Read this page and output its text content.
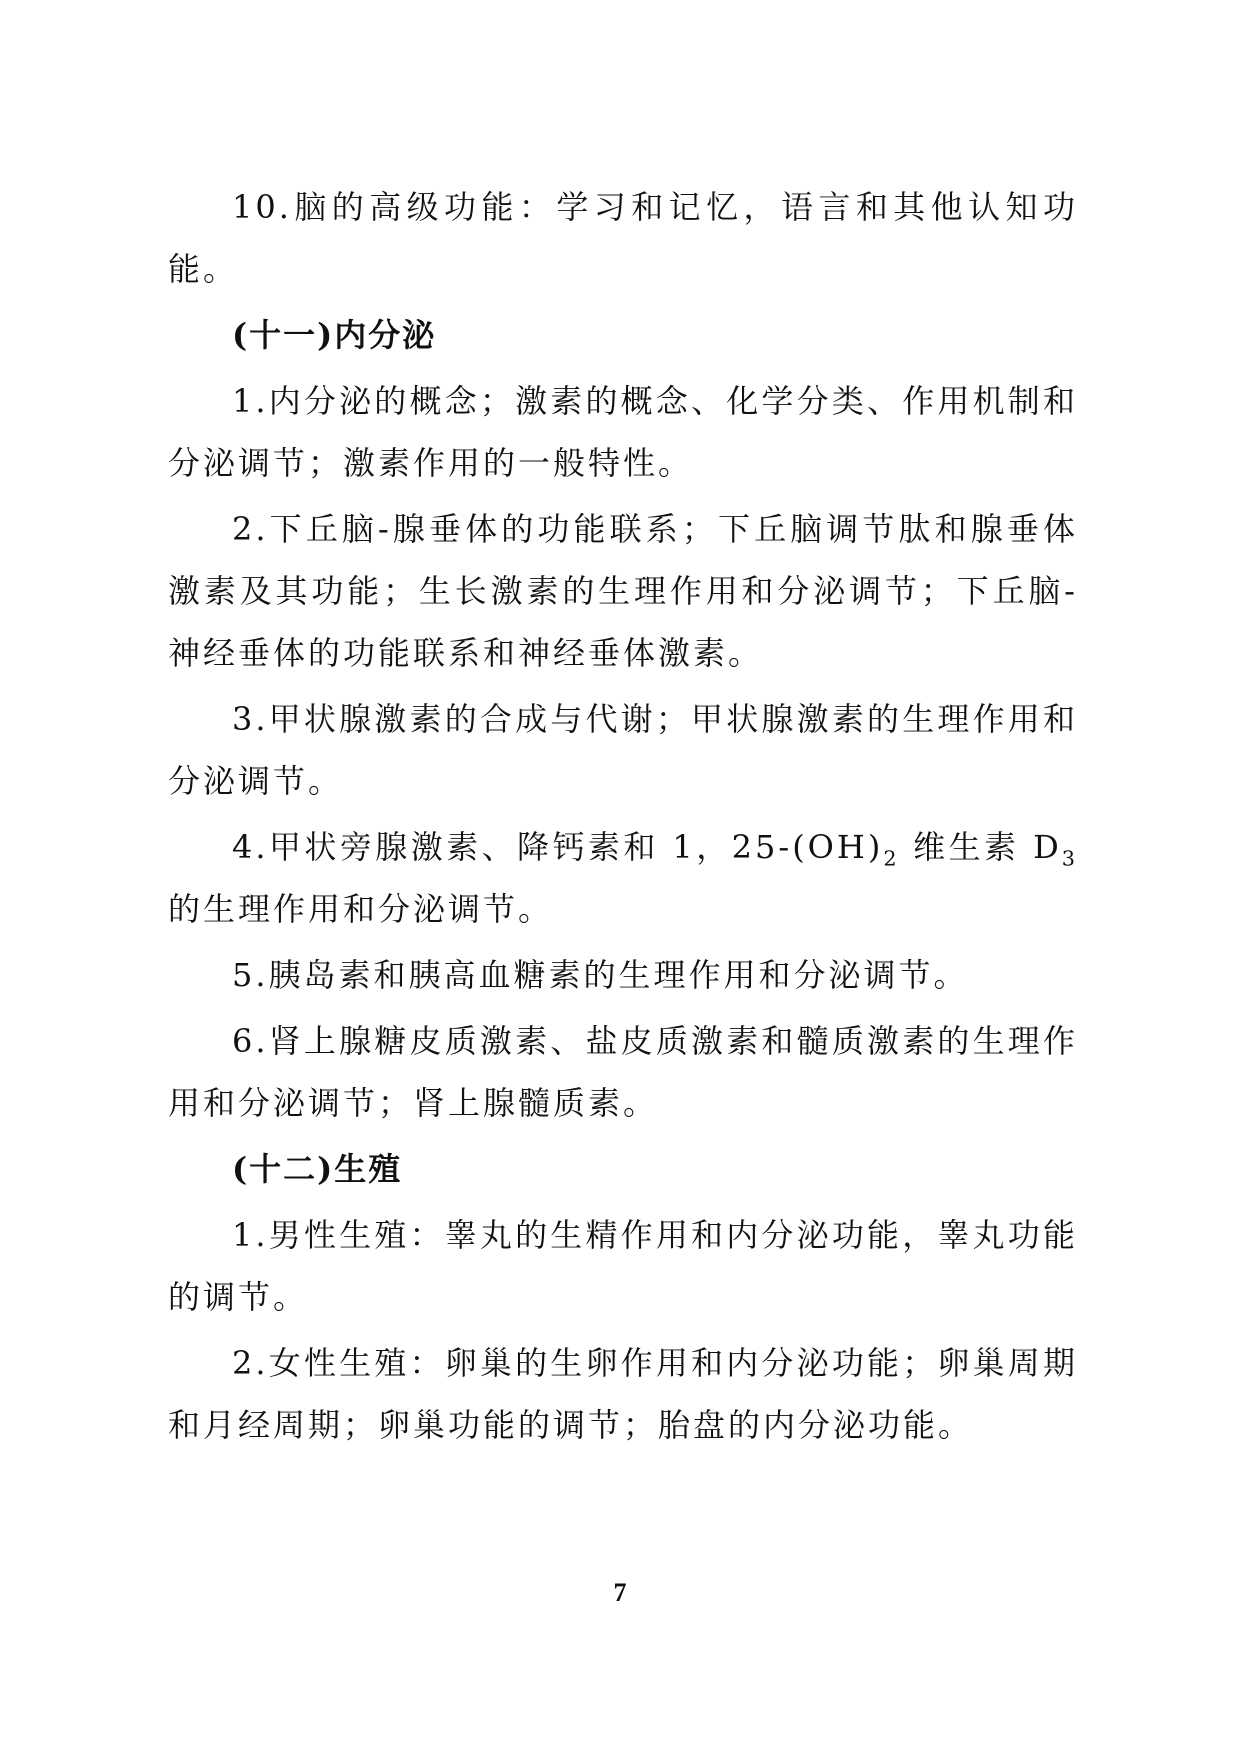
10.脑的高级功能：学习和记忆，语言和其他认知功能。

(十一)内分泌

1.内分泌的概念；激素的概念、化学分类、作用机制和分泌调节；激素作用的一般特性。

2.下丘脑-腺垂体的功能联系；下丘脑调节肽和腺垂体激素及其功能；生长激素的生理作用和分泌调节；下丘脑-神经垂体的功能联系和神经垂体激素。

3.甲状腺激素的合成与代谢；甲状腺激素的生理作用和分泌调节。

4.甲状旁腺激素、降钙素和 1，$25-(OH)_2$ 维生素 $D_3$ 的生理作用和分泌调节。

5.胰岛素和胰高血糖素的生理作用和分泌调节。

6.肾上腺糖皮质激素、盐皮质激素和髓质激素的生理作用和分泌调节；肾上腺髓质素。

(十二)生殖

1.男性生殖：睾丸的生精作用和内分泌功能，睾丸功能的调节。

2.女性生殖：卵巢的生卵作用和内分泌功能；卵巢周期和月经周期；卵巢功能的调节；胎盘的内分泌功能。

7
